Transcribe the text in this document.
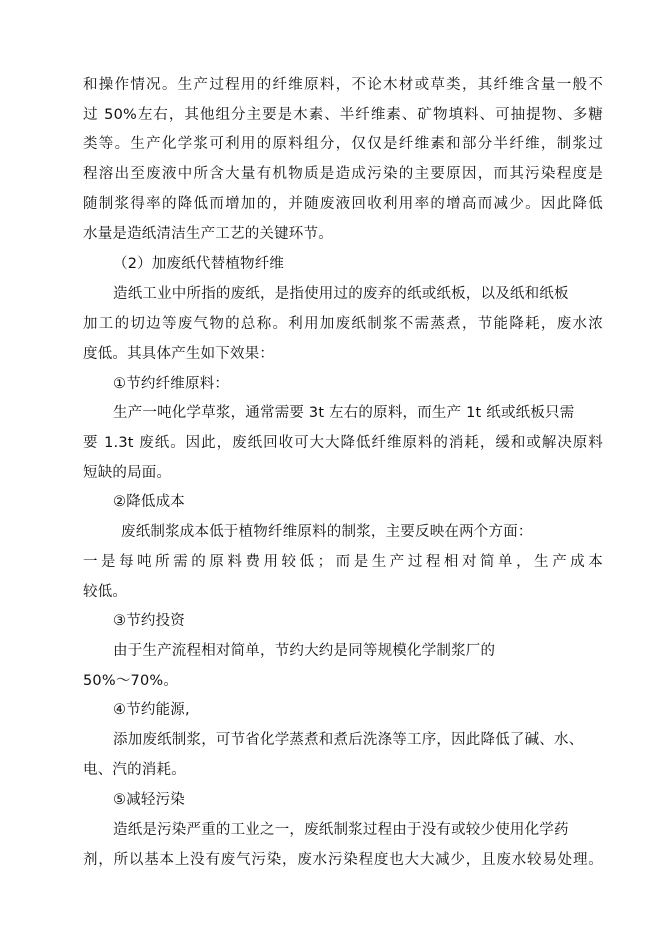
和操作情况。生产过程用的纤维原料，不论木材或草类，其纤维含量一般不
过 50%左右，其他组分主要是木素、半纤维素、矿物填料、可抽提物、多糖
类等。生产化学浆可利用的原料组分，仅仅是纤维素和部分半纤维，制浆过
程溶出至废液中所含大量有机物质是造成污染的主要原因，而其污染程度是
随制浆得率的降低而增加的，并随废液回收利用率的增高而减少。因此降低
水量是造纸清洁生产工艺的关键环节。
（2）加废纸代替植物纤维
造纸工业中所指的废纸，是指使用过的废弃的纸或纸板，以及纸和纸板
加工的切边等废气物的总称。利用加废纸制浆不需蒸煮，节能降耗，废水浓
度低。其具体产生如下效果：
①节约纤维原料：
生产一吨化学草浆，通常需要 3t 左右的原料，而生产 1t 纸或纸板只需
要 1.3t 废纸。因此，废纸回收可大大降低纤维原料的消耗，缓和或解决原料
短缺的局面。
②降低成本
废纸制浆成本低于植物纤维原料的制浆，主要反映在两个方面：
一是每吨所需的原料费用较低；而是生产过程相对简单，生产成本
较低。
③节约投资
由于生产流程相对简单，节约大约是同等规模化学制浆厂的
50%～70%。
④节约能源,
添加废纸制浆，可节省化学蒸煮和煮后洗涤等工序，因此降低了碱、水、
电、汽的消耗。
⑤减轻污染
造纸是污染严重的工业之一，废纸制浆过程由于没有或较少使用化学药
剂，所以基本上没有废气污染，废水污染程度也大大减少，且废水较易处理。
